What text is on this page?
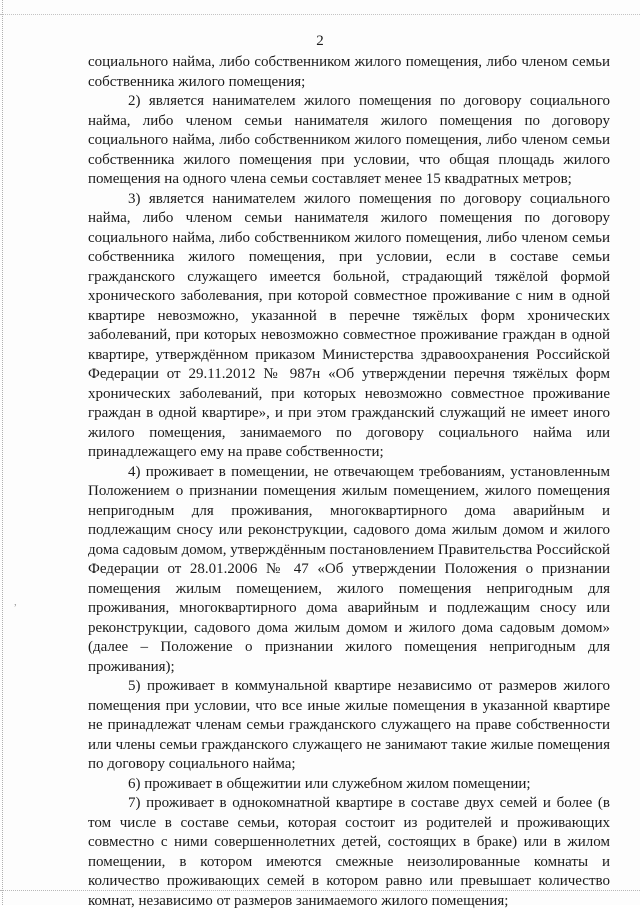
,
2

социального найма, либо собственником жилого помещения, либо членом семьи собственника жилого помещения;

2) является нанимателем жилого помещения по договору социального найма, либо членом семьи нанимателя жилого помещения по договору социального найма, либо собственником жилого помещения, либо членом семьи собственника жилого помещения при условии, что общая площадь жилого помещения на одного члена семьи составляет менее 15 квадратных метров;

3) является нанимателем жилого помещения по договору социального найма, либо членом семьи нанимателя жилого помещения по договору социального найма, либо собственником жилого помещения, либо членом семьи собственника жилого помещения, при условии, если в составе семьи гражданского служащего имеется больной, страдающий тяжёлой формой хронического заболевания, при которой совместное проживание с ним в одной квартире невозможно, указанной в перечне тяжёлых форм хронических заболеваний, при которых невозможно совместное проживание граждан в одной квартире, утверждённом приказом Министерства здравоохранения Российской Федерации от 29.11.2012 № 987н «Об утверждении перечня тяжёлых форм хронических заболеваний, при которых невозможно совместное проживание граждан в одной квартире», и при этом гражданский служащий не имеет иного жилого помещения, занимаемого по договору социального найма или принадлежащего ему на праве собственности;

4) проживает в помещении, не отвечающем требованиям, установленным Положением о признании помещения жилым помещением, жилого помещения непригодным для проживания, многоквартирного дома аварийным и подлежащим сносу или реконструкции, садового дома жилым домом и жилого дома садовым домом, утверждённым постановлением Правительства Российской Федерации от 28.01.2006 № 47 «Об утверждении Положения о признании помещения жилым помещением, жилого помещения непригодным для проживания, многоквартирного дома аварийным и подлежащим сносу или реконструкции, садового дома жилым домом и жилого дома садовым домом» (далее – Положение о признании жилого помещения непригодным для проживания);

5) проживает в коммунальной квартире независимо от размеров жилого помещения при условии, что все иные жилые помещения в указанной квартире не принадлежат членам семьи гражданского служащего на праве собственности или члены семьи гражданского служащего не занимают такие жилые помещения по договору социального найма;

6) проживает в общежитии или служебном жилом помещении;

7) проживает в однокомнатной квартире в составе двух семей и более (в том числе в составе семьи, которая состоит из родителей и проживающих совместно с ними совершеннолетних детей, состоящих в браке) или в жилом помещении, в котором имеются смежные неизолированные комнаты и количество проживающих семей в котором равно или превышает количество комнат, независимо от размеров занимаемого жилого помещения;
